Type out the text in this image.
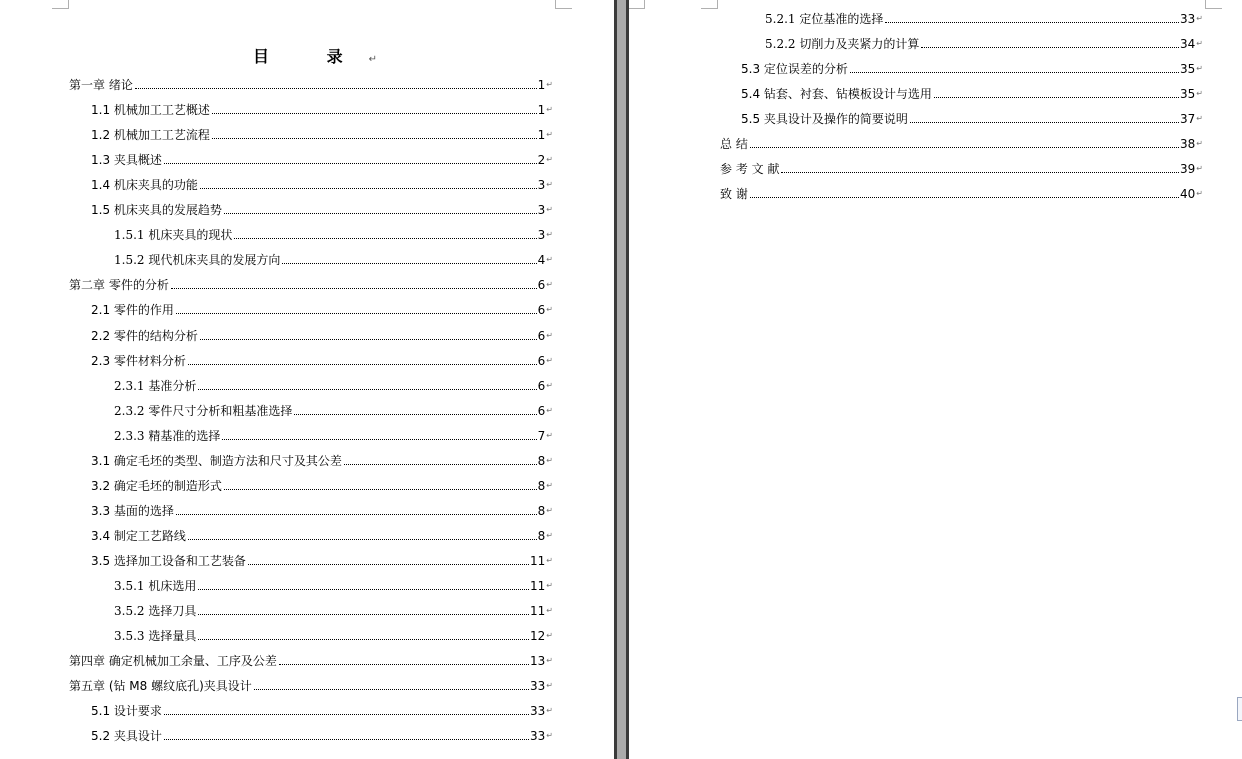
目 录↵
第一章 绪论	1 ↵
1.1 机械加工工艺概述	1 ↵
1.2 机械加工工艺流程	1 ↵
1.3 夹具概述	2 ↵
1.4 机床夹具的功能	3 ↵
1.5 机床夹具的发展趋势	3 ↵
1.5.1 机床夹具的现状	3 ↵
1.5.2 现代机床夹具的发展方向	4 ↵
第二章 零件的分析	6 ↵
2.1 零件的作用	6 ↵
2.2 零件的结构分析	6 ↵
2.3 零件材料分析	6 ↵
2.3.1 基准分析	6 ↵
2.3.2 零件尺寸分析和粗基准选择	6 ↵
2.3.3 精基准的选择	7 ↵
3.1 确定毛坯的类型、制造方法和尺寸及其公差	8 ↵
3.2 确定毛坯的制造形式	8 ↵
3.3 基面的选择	8 ↵
3.4 制定工艺路线	8 ↵
3.5 选择加工设备和工艺装备	11 ↵
3.5.1 机床选用	11 ↵
3.5.2 选择刀具	11 ↵
3.5.3 选择量具	12 ↵
第四章 确定机械加工余量、工序及公差	13 ↵
第五章 (钻 M8 螺纹底孔)夹具设计	33 ↵
5.1 设计要求	33 ↵
5.2 夹具设计	33 ↵
5.2.1 定位基准的选择	33 ↵
5.2.2 切削力及夹紧力的计算	34 ↵
5.3 定位误差的分析	35 ↵
5.4 钻套、衬套、钻模板设计与选用	35 ↵
5.5 夹具设计及操作的简要说明	37 ↵
总 结	38 ↵
参 考 文 献	39 ↵
致 谢	40 ↵
